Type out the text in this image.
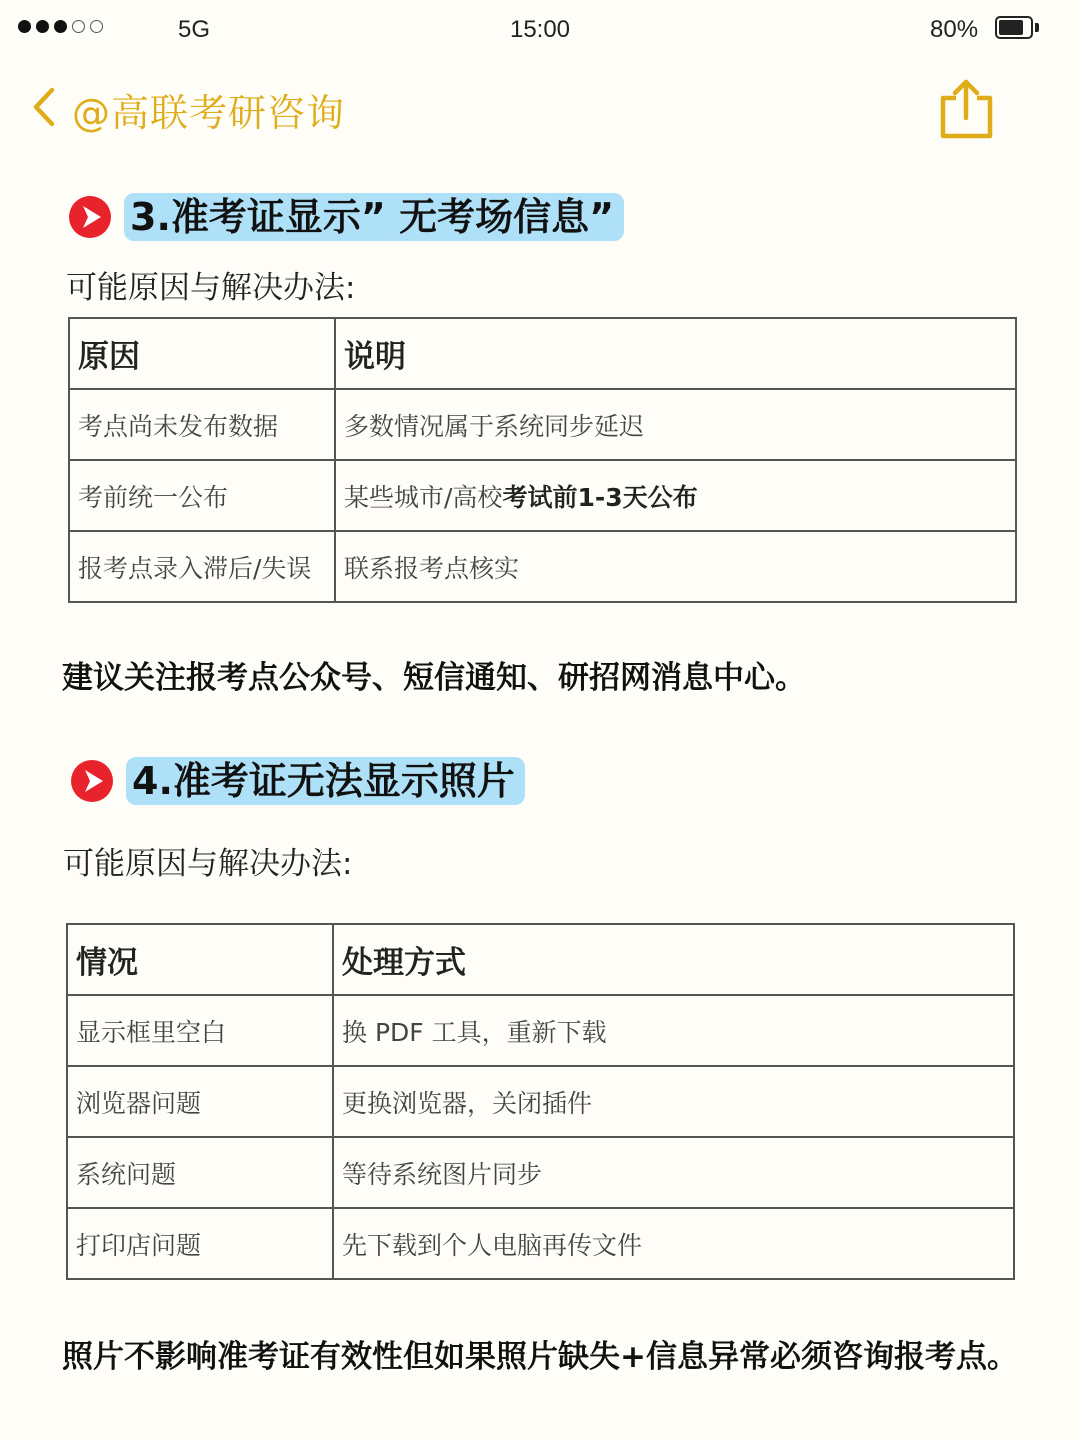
5G	15:00	80%
@高联考研咨询
3.准考证显示” 无考场信息”
可能原因与解决办法:
原因	说明
考点尚未发布数据	多数情况属于系统同步延迟
考前统一公布	某些城市/高校考试前1-3天公布
报考点录入滞后/失误	联系报考点核实
建议关注报考点公众号、短信通知、研招网消息中心。
4.准考证无法显示照片
可能原因与解决办法:
情况	处理方式
显示框里空白	换 PDF 工具，重新下载
浏览器问题	更换浏览器，关闭插件
系统问题	等待系统图片同步
打印店问题	先下载到个人电脑再传文件
照片不影响准考证有效性但如果照片缺失+信息异常必须咨询报考点。
